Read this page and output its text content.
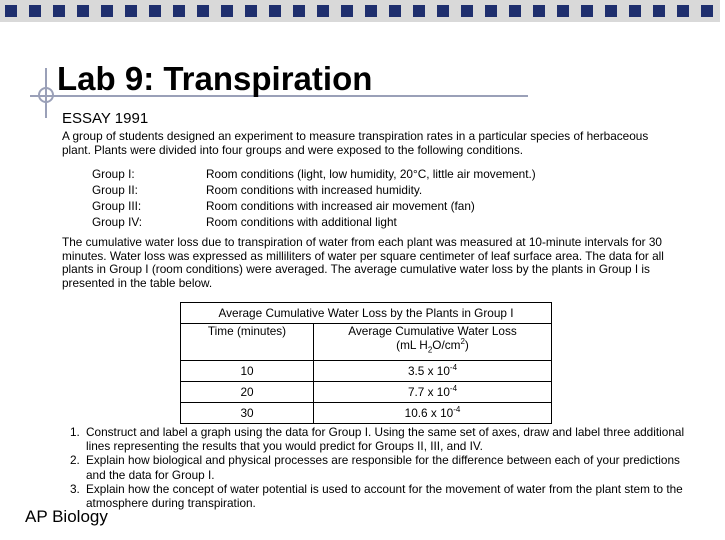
Lab 9: Transpiration
ESSAY 1991
A group of students designed an experiment to measure transpiration rates in a particular species of herbaceous plant. Plants were divided into four groups and were exposed to the following conditions.
Group I:	Room conditions (light, low humidity, 20°C, little air movement.)
Group II:	Room conditions with increased humidity.
Group III:	Room conditions with increased air movement (fan)
Group IV:	Room conditions with additional light
The cumulative water loss due to transpiration of water from each plant was measured at 10-minute intervals for 30 minutes. Water loss was expressed as milliliters of water per square centimeter of leaf surface area. The data for all plants in Group I (room conditions) were averaged. The average cumulative water loss by the plants in Group I is presented in the table below.
Average Cumulative Water Loss by the Plants in Group I	
Time (minutes)	Average Cumulative Water Loss
(mL $H_2O/cm^2$)

10	3.5 x $10^{-4}$
20	7.7 x $10^{-4}$
30	10.6 x $10^{-4}$
1. Construct and label a graph using the data for Group I. Using the same set of axes, draw and label three additional lines representing the results that you would predict for Groups II, III, and IV.
2. Explain how biological and physical processes are responsible for the difference between each of your predictions and the data for Group I.
3. Explain how the concept of water potential is used to account for the movement of water from the plant stem to the atmosphere during transpiration.
AP Biology
